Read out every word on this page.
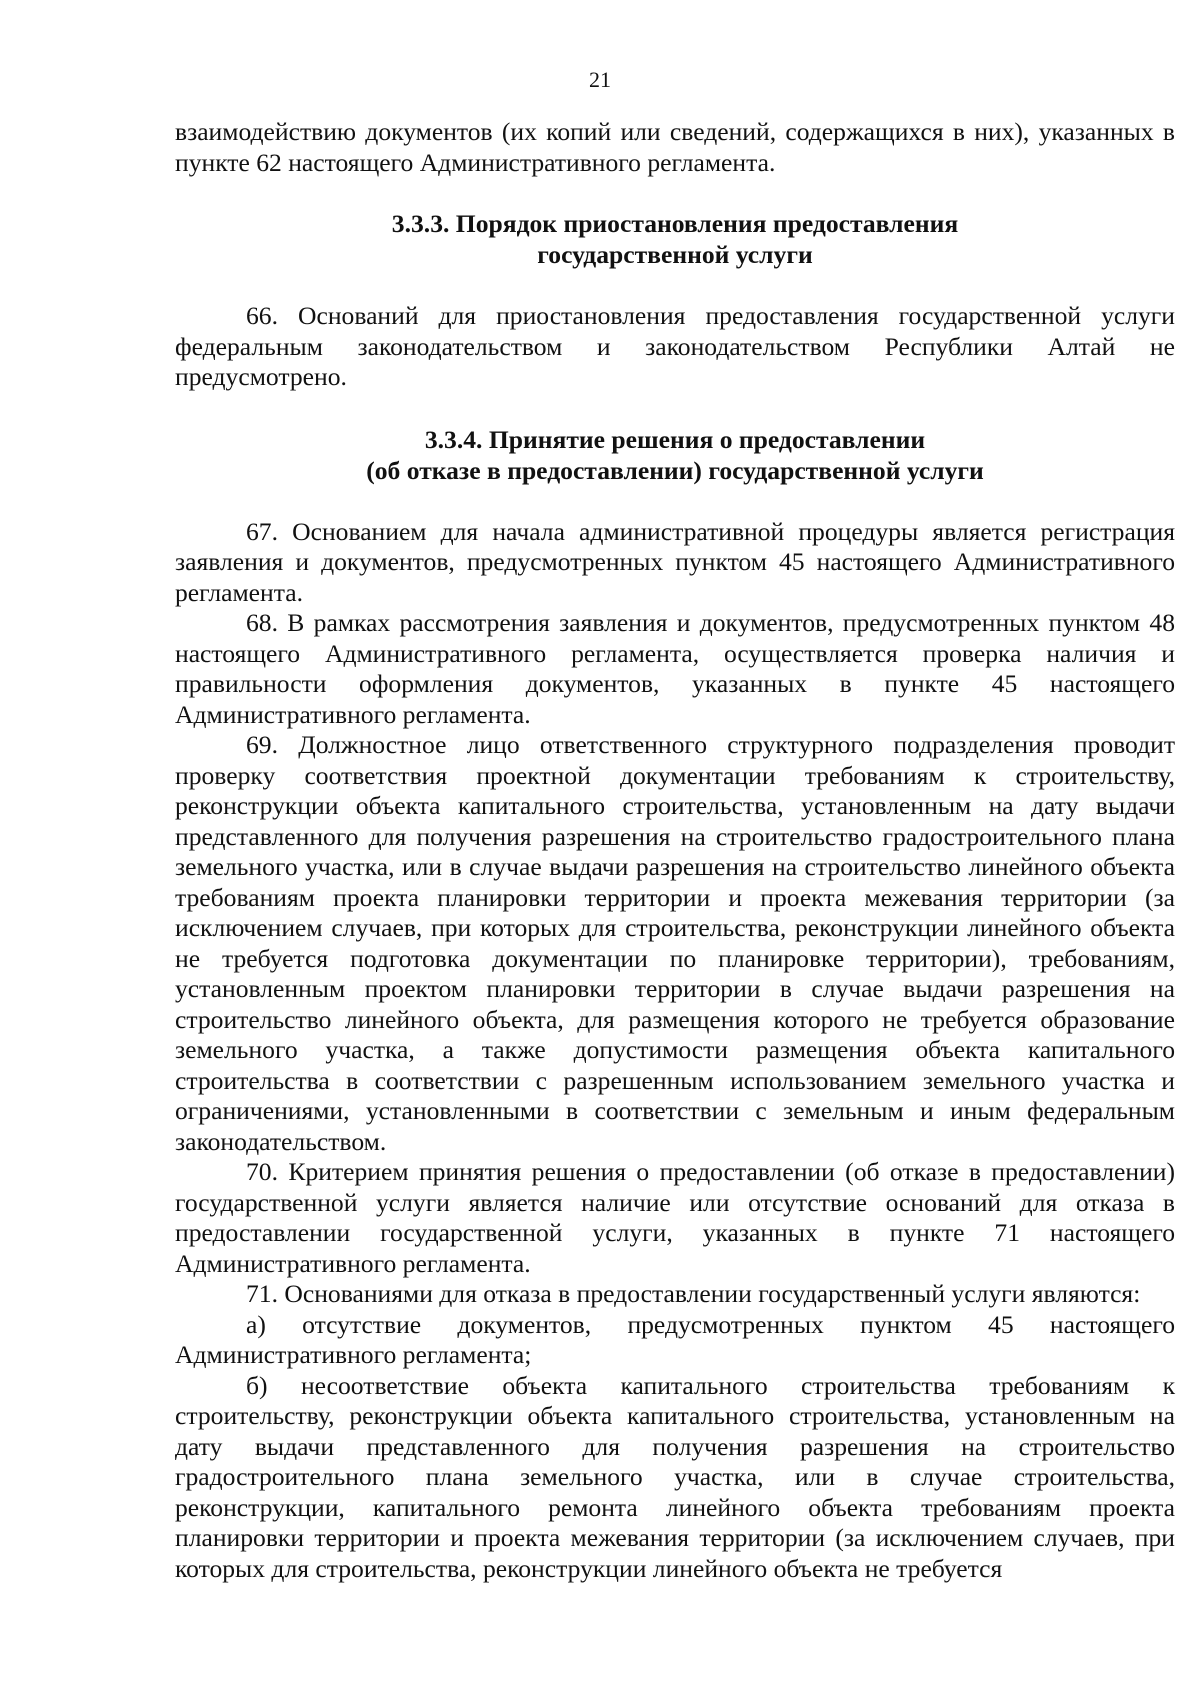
21

взаимодействию документов (их копий или сведений, содержащихся в них), указанных в пункте 62 настоящего Административного регламента.

3.3.3. Порядок приостановления предоставления
государственной услуги

66. Оснований для приостановления предоставления государственной услуги федеральным законодательством и законодательством Республики Алтай не предусмотрено.

3.3.4. Принятие решения о предоставлении
(об отказе в предоставлении) государственной услуги

67. Основанием для начала административной процедуры является регистрация заявления и документов, предусмотренных пунктом 45 настоящего Административного регламента.

68. В рамках рассмотрения заявления и документов, предусмотренных пунктом 48 настоящего Административного регламента, осуществляется проверка наличия и правильности оформления документов, указанных в пункте 45 настоящего Административного регламента.

69. Должностное лицо ответственного структурного подразделения проводит проверку соответствия проектной документации требованиям к строительству, реконструкции объекта капитального строительства, установленным на дату выдачи представленного для получения разрешения на строительство градостроительного плана земельного участка, или в случае выдачи разрешения на строительство линейного объекта требованиям проекта планировки территории и проекта межевания территории (за исключением случаев, при которых для строительства, реконструкции линейного объекта не требуется подготовка документации по планировке территории), требованиям, установленным проектом планировки территории в случае выдачи разрешения на строительство линейного объекта, для размещения которого не требуется образование земельного участка, а также допустимости размещения объекта капитального строительства в соответствии с разрешенным использованием земельного участка и ограничениями, установленными в соответствии с земельным и иным федеральным законодательством.

70. Критерием принятия решения о предоставлении (об отказе в предоставлении) государственной услуги является наличие или отсутствие оснований для отказа в предоставлении государственной услуги, указанных в пункте 71 настоящего Административного регламента.

71. Основаниями для отказа в предоставлении государственный услуги являются:

а) отсутствие документов, предусмотренных пунктом 45 настоящего Административного регламента;

б) несоответствие объекта капитального строительства требованиям к строительству, реконструкции объекта капитального строительства, установленным на дату выдачи представленного для получения разрешения на строительство градостроительного плана земельного участка, или в случае строительства, реконструкции, капитального ремонта линейного объекта требованиям проекта планировки территории и проекта межевания территории (за исключением случаев, при которых для строительства, реконструкции линейного объекта не требуется
